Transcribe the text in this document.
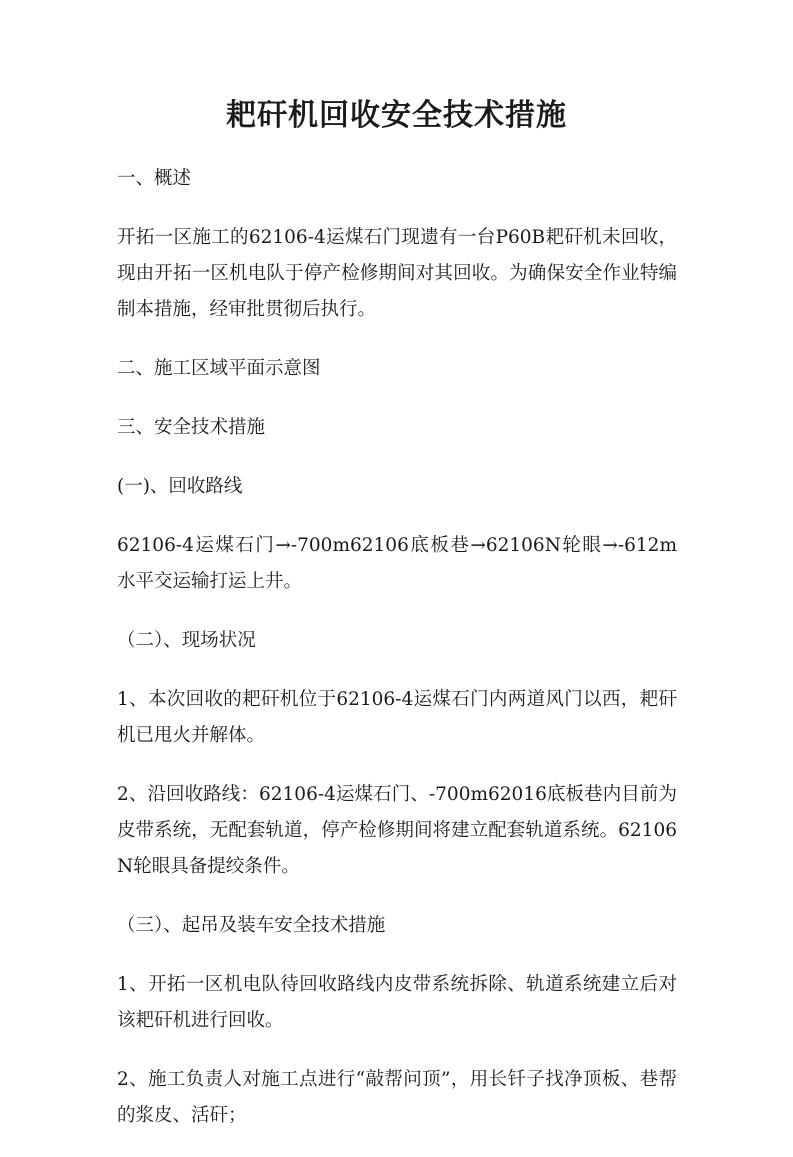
耙矸机回收安全技术措施

一、概述

开拓一区施工的62106-4运煤石门现遗有一台P60B耙矸机未回收，现由开拓一区机电队于停产检修期间对其回收。为确保安全作业特编制本措施，经审批贯彻后执行。

二、施工区域平面示意图

三、安全技术措施

(一)、回收路线

62106-4运煤石门→-700m62106底板巷→62106N轮眼→-612m水平交运输打运上井。

（二）、现场状况

1、本次回收的耙矸机位于62106-4运煤石门内两道风门以西，耙矸机已甩火并解体。

2、沿回收路线：62106-4运煤石门、-700m62016底板巷内目前为皮带系统，无配套轨道，停产检修期间将建立配套轨道系统。62106N轮眼具备提绞条件。

（三）、起吊及装车安全技术措施

1、开拓一区机电队待回收路线内皮带系统拆除、轨道系统建立后对该耙矸机进行回收。

2、施工负责人对施工点进行“敲帮问顶”，用长钎子找净顶板、巷帮的浆皮、活矸；
